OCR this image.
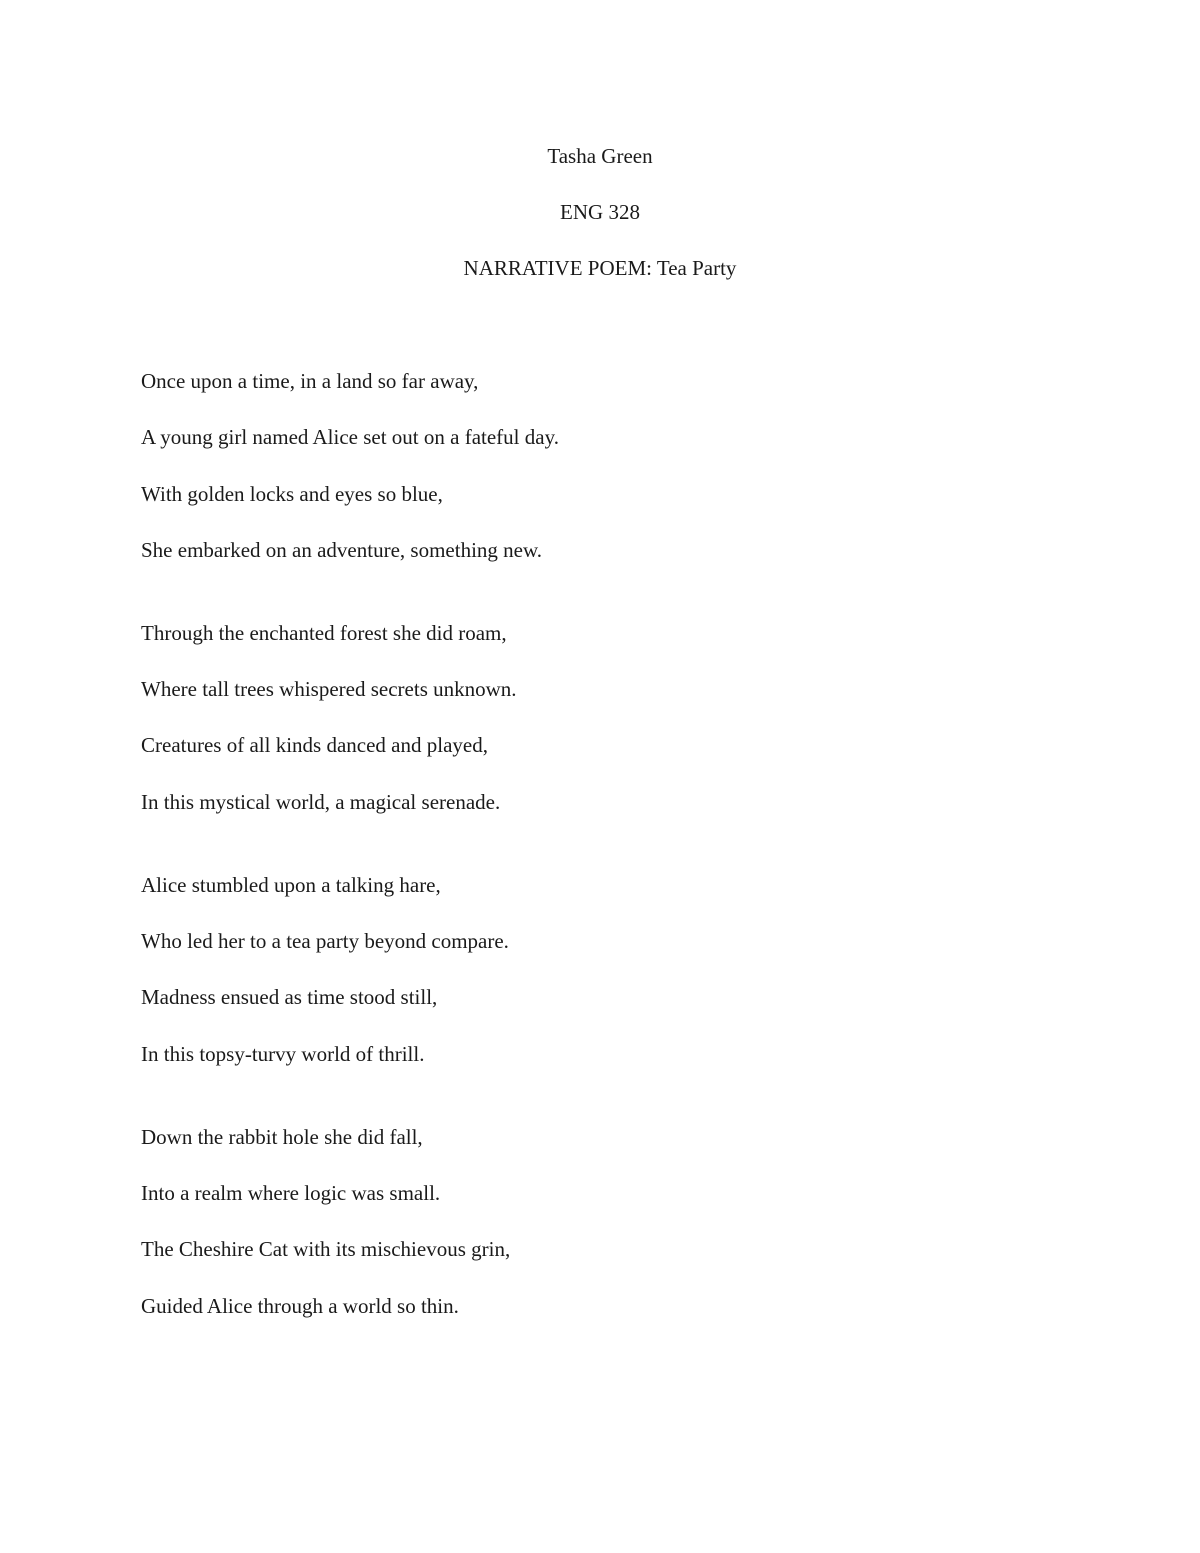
Tasha Green
ENG 328
NARRATIVE POEM: Tea Party
Once upon a time, in a land so far away,
A young girl named Alice set out on a fateful day.
With golden locks and eyes so blue,
She embarked on an adventure, something new.
Through the enchanted forest she did roam,
Where tall trees whispered secrets unknown.
Creatures of all kinds danced and played,
In this mystical world, a magical serenade.
Alice stumbled upon a talking hare,
Who led her to a tea party beyond compare.
Madness ensued as time stood still,
In this topsy-turvy world of thrill.
Down the rabbit hole she did fall,
Into a realm where logic was small.
The Cheshire Cat with its mischievous grin,
Guided Alice through a world so thin.
